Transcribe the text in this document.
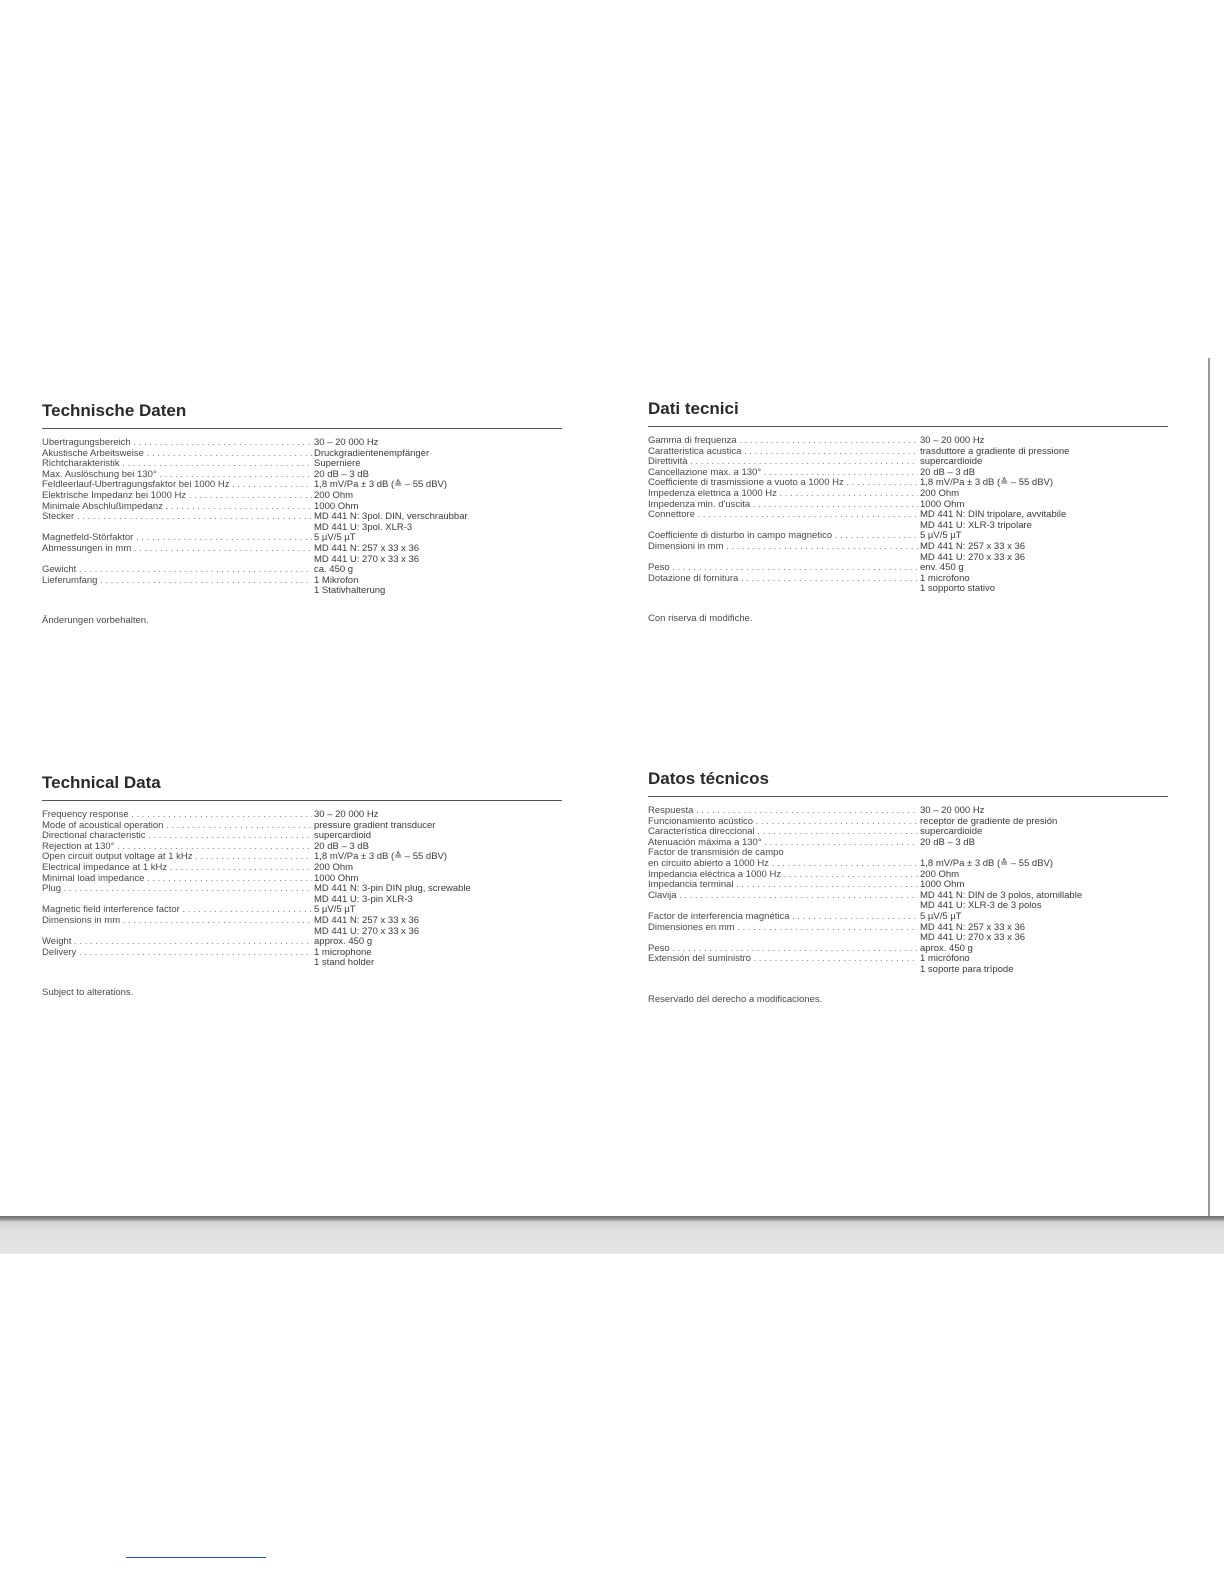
Technische Daten
Übertragungsbereich . . .	30 – 20 000 Hz
Akustische Arbeitsweise . . .	Druckgradientenempfänger
Richtcharakteristik . . .	Superniere
Max. Auslöschung bei 130° . . .	20 dB – 3 dB
Feldleerlauf-Übertragungsfaktor bei 1000 Hz . . .	1,8 mV/Pa ± 3 dB (≙ – 55 dBV)
Elektrische Impedanz bei 1000 Hz . . .	200 Ohm
Minimale Abschlußimpedanz . . .	1000 Ohm
Stecker . . .	MD 441 N: 3pol. DIN, verschraubbar
MD 441 U: 3pol. XLR-3
Magnetfeld-Störfaktor . . .	5 µV/5 µT
Abmessungen in mm . . .	MD 441 N: 257 x 33 x 36
MD 441 U: 270 x 33 x 36
Gewicht . . .	ca. 450 g
Lieferumfang . . .	1 Mikrofon
1 Stativhalterung
Änderungen vorbehalten.
Dati tecnici
Gamma di frequenza . . .	30 – 20 000 Hz
Caratteristica acustica . . .	trasduttore a gradiente di pressione
Direttività . . .	supercardioide
Cancellazione max. a 130° . . .	20 dB – 3 dB
Coefficiente di trasmissione a vuoto a 1000 Hz . . .	1,8 mV/Pa ± 3 dB (≙ – 55 dBV)
Impedenza elettrica a 1000 Hz . . .	200 Ohm
Impedenza min. d'uscita . . .	1000 Ohm
Connettore . . .	MD 441 N: DIN tripolare, avvitabile
MD 441 U: XLR-3 tripolare
Coefficiente di disturbo in campo magnetico . . .	5 µV/5 µT
Dimensioni in mm . . .	MD 441 N: 257 x 33 x 36
MD 441 U: 270 x 33 x 36
Peso . . .	env. 450 g
Dotazione di fornitura . . .	1 microfono
1 sopporto stativo
Con riserva di modifiche.
Technical Data
Frequency response . . .	30 – 20 000 Hz
Mode of acoustical operation . . .	pressure gradient transducer
Directional characteristic . . .	supercardioid
Rejection at 130° . . .	20 dB – 3 dB
Open circuit output voltage at 1 kHz . . .	1,8 mV/Pa ± 3 dB (≙ – 55 dBV)
Electrical impedance at 1 kHz . . .	200 Ohm
Minimal load impedance . . .	1000 Ohm
Plug . . .	MD 441 N: 3-pin DIN plug, screwable
MD 441 U: 3-pin XLR-3
Magnetic field interference factor . . .	5 µV/5 µT
Dimensions in mm . . .	MD 441 N: 257 x 33 x 36
MD 441 U: 270 x 33 x 36
Weight . . .	approx. 450 g
Delivery . . .	1 microphone
1 stand holder
Subject to alterations.
Datos técnicos
Respuesta . . .	30 – 20 000 Hz
Funcionamiento acústico . . .	receptor de gradiente de presión
Característica direccional . . .	supercardioide
Atenuación máxima a 130° . . .	20 dB – 3 dB
Factor de transmisión de campo
en circuito abierto a 1000 Hz . . .	1,8 mV/Pa ± 3 dB (≙ – 55 dBV)
Impedancia eléctrica a 1000 Hz . . .	200 Ohm
Impedancia terminal . . .	1000 Ohm
Clavija . . .	MD 441 N: DIN de 3 polos, atornillable
MD 441 U: XLR-3 de 3 polos
Factor de interferencia magnética . . .	5 µV/5 µT
Dimensiones en mm . . .	MD 441 N: 257 x 33 x 36
MD 441 U: 270 x 33 x 36
Peso . . .	aprox. 450 g
Extensión del suministro . . .	1 micrófono
1 soporte para trípode
Reservado del derecho a modificaciones.
